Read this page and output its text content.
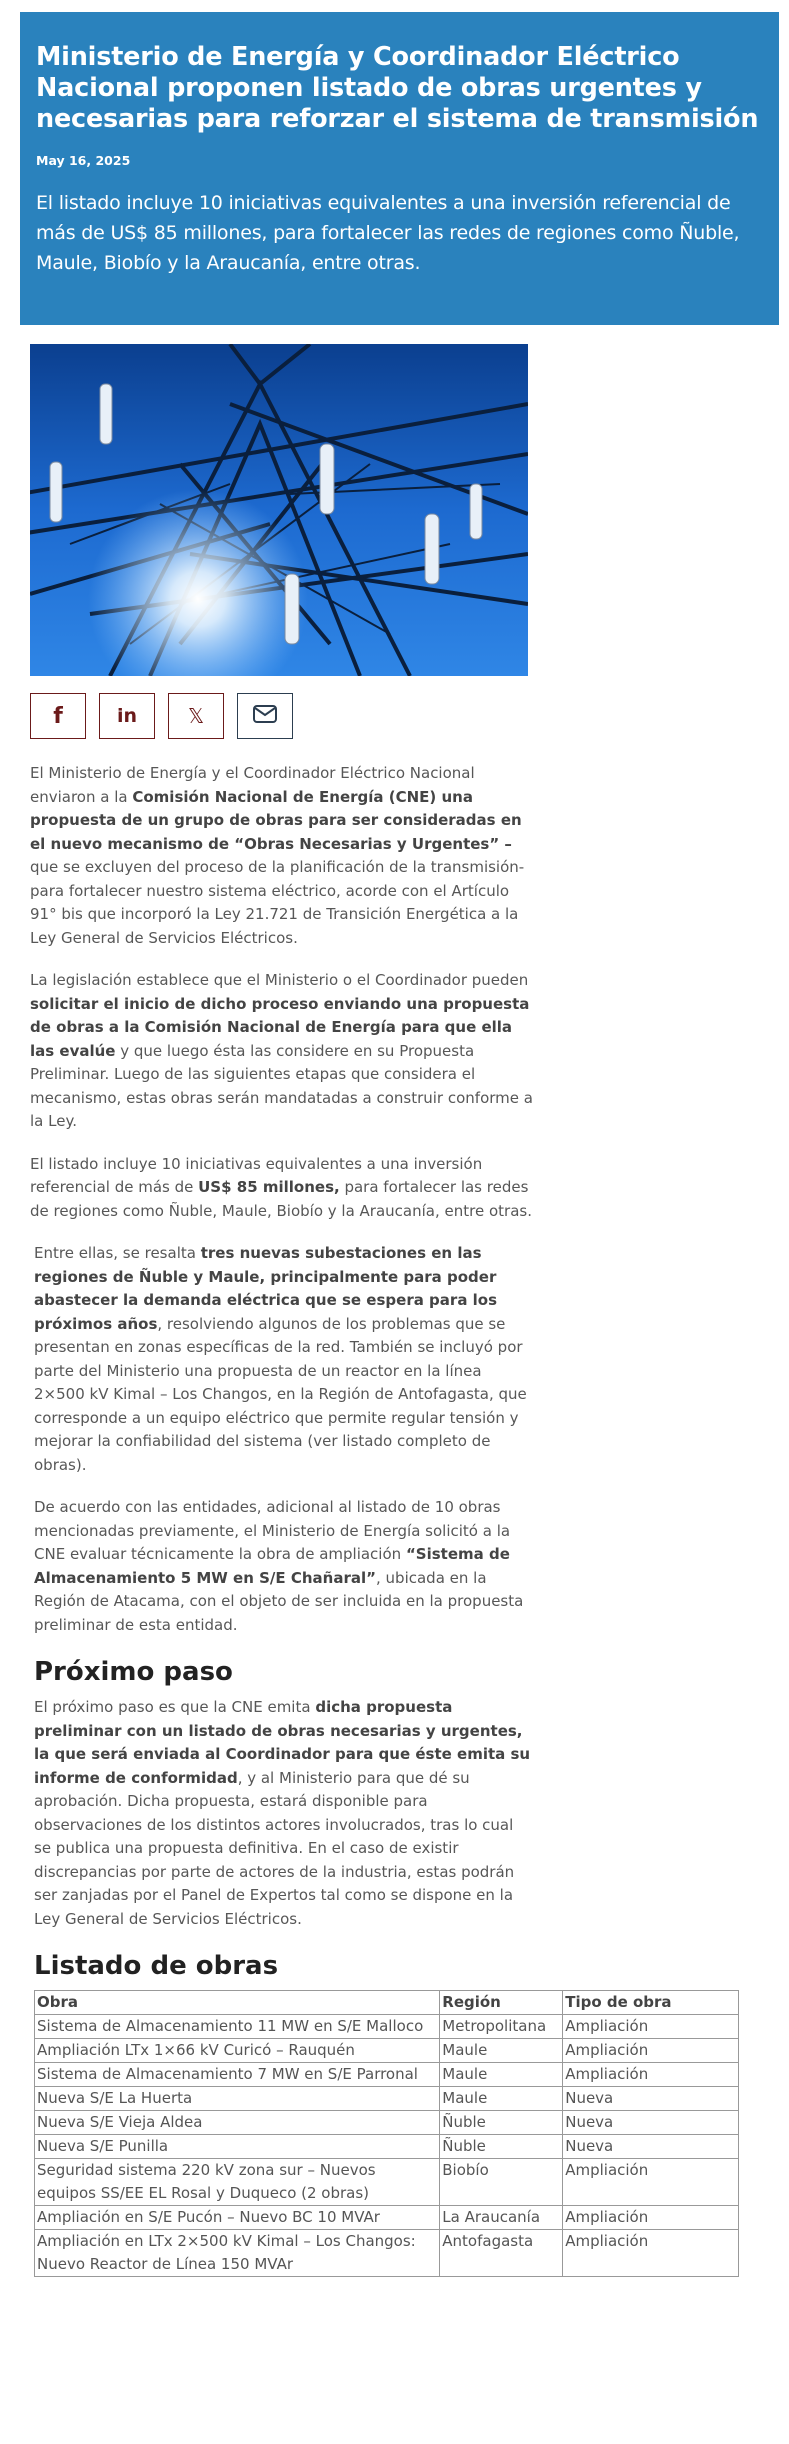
Ministerio de Energía y Coordinador Eléctrico Nacional proponen listado de obras urgentes y necesarias para reforzar el sistema de transmisión
May 16, 2025
El listado incluye 10 iniciativas equivalentes a una inversión referencial de más de US$ 85 millones, para fortalecer las redes de regiones como Ñuble, Maule, Biobío y la Araucanía, entre otras.
f	in	𝕏

El Ministerio de Energía y el Coordinador Eléctrico Nacional enviaron a la Comisión Nacional de Energía (CNE) una propuesta de un grupo de obras para ser consideradas en el nuevo mecanismo de “Obras Necesarias y Urgentes” –que se excluyen del proceso de la planificación de la transmisión- para fortalecer nuestro sistema eléctrico, acorde con el Artículo 91° bis que incorporó la Ley 21.721 de Transición Energética a la Ley General de Servicios Eléctricos.

La legislación establece que el Ministerio o el Coordinador pueden solicitar el inicio de dicho proceso enviando una propuesta de obras a la Comisión Nacional de Energía para que ella las evalúe y que luego ésta las considere en su Propuesta Preliminar. Luego de las siguientes etapas que considera el mecanismo, estas obras serán mandatadas a construir conforme a la Ley.

El listado incluye 10 iniciativas equivalentes a una inversión referencial de más de US$ 85 millones, para fortalecer las redes de regiones como Ñuble, Maule, Biobío y la Araucanía, entre otras.

Entre ellas, se resalta tres nuevas subestaciones en las regiones de Ñuble y Maule, principalmente para poder abastecer la demanda eléctrica que se espera para los próximos años, resolviendo algunos de los problemas que se presentan en zonas específicas de la red. También se incluyó por parte del Ministerio una propuesta de un reactor en la línea 2×500 kV Kimal – Los Changos, en la Región de Antofagasta, que corresponde a un equipo eléctrico que permite regular tensión y mejorar la confiabilidad del sistema (ver listado completo de obras).

De acuerdo con las entidades, adicional al listado de 10 obras mencionadas previamente, el Ministerio de Energía solicitó a la CNE evaluar técnicamente la obra de ampliación “Sistema de Almacenamiento 5 MW en S/E Chañaral”, ubicada en la Región de Atacama, con el objeto de ser incluida en la propuesta preliminar de esta entidad.

Próximo paso

El próximo paso es que la CNE emita dicha propuesta preliminar con un listado de obras necesarias y urgentes, la que será enviada al Coordinador para que éste emita su informe de conformidad, y al Ministerio para que dé su aprobación. Dicha propuesta, estará disponible para observaciones de los distintos actores involucrados, tras lo cual se publica una propuesta definitiva. En el caso de existir discrepancias por parte de actores de la industria, estas podrán ser zanjadas por el Panel de Expertos tal como se dispone en la Ley General de Servicios Eléctricos.

Listado de obras
Obra	Región	Tipo de obra
Sistema de Almacenamiento 11 MW en S/E Malloco	Metropolitana	Ampliación
Ampliación LTx 1×66 kV Curicó – Rauquén	Maule	Ampliación
Sistema de Almacenamiento 7 MW en S/E Parronal	Maule	Ampliación
Nueva S/E La Huerta	Maule	Nueva
Nueva S/E Vieja Aldea	Ñuble	Nueva
Nueva S/E Punilla	Ñuble	Nueva
Seguridad sistema 220 kV zona sur – Nuevos equipos SS/EE EL Rosal y Duqueco (2 obras)	Biobío	Ampliación
Ampliación en S/E Pucón – Nuevo BC 10 MVAr	La Araucanía	Ampliación
Ampliación en LTx 2×500 kV Kimal – Los Changos: Nuevo Reactor de Línea 150 MVAr	Antofagasta	Ampliación
